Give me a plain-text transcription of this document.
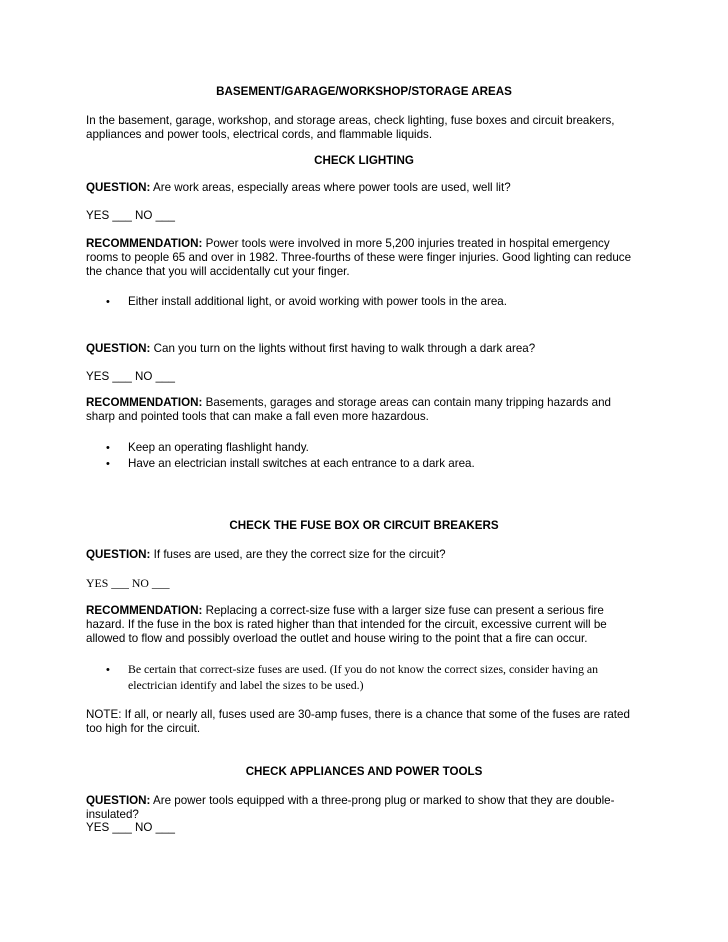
BASEMENT/GARAGE/WORKSHOP/STORAGE AREAS
In the basement, garage, workshop, and storage areas, check lighting, fuse boxes and circuit breakers, appliances and power tools, electrical cords, and flammable liquids.
CHECK LIGHTING
QUESTION: Are work areas, especially areas where power tools are used, well lit?
YES ___ NO ___
RECOMMENDATION: Power tools were involved in more 5,200 injuries treated in hospital emergency rooms to people 65 and over in 1982. Three-fourths of these were finger injuries. Good lighting can reduce the chance that you will accidentally cut your finger.
• Either install additional light, or avoid working with power tools in the area.
QUESTION: Can you turn on the lights without first having to walk through a dark area?
YES ___ NO ___
RECOMMENDATION: Basements, garages and storage areas can contain many tripping hazards and sharp and pointed tools that can make a fall even more hazardous.
• Keep an operating flashlight handy.
• Have an electrician install switches at each entrance to a dark area.
CHECK THE FUSE BOX OR CIRCUIT BREAKERS
QUESTION: If fuses are used, are they the correct size for the circuit?
YES ___ NO ___
RECOMMENDATION: Replacing a correct-size fuse with a larger size fuse can present a serious fire hazard. If the fuse in the box is rated higher than that intended for the circuit, excessive current will be allowed to flow and possibly overload the outlet and house wiring to the point that a fire can occur.
• Be certain that correct-size fuses are used. (If you do not know the correct sizes, consider having an electrician identify and label the sizes to be used.)
NOTE: If all, or nearly all, fuses used are 30-amp fuses, there is a chance that some of the fuses are rated too high for the circuit.
CHECK APPLIANCES AND POWER TOOLS
QUESTION: Are power tools equipped with a three-prong plug or marked to show that they are double-insulated?
YES ___ NO ___
